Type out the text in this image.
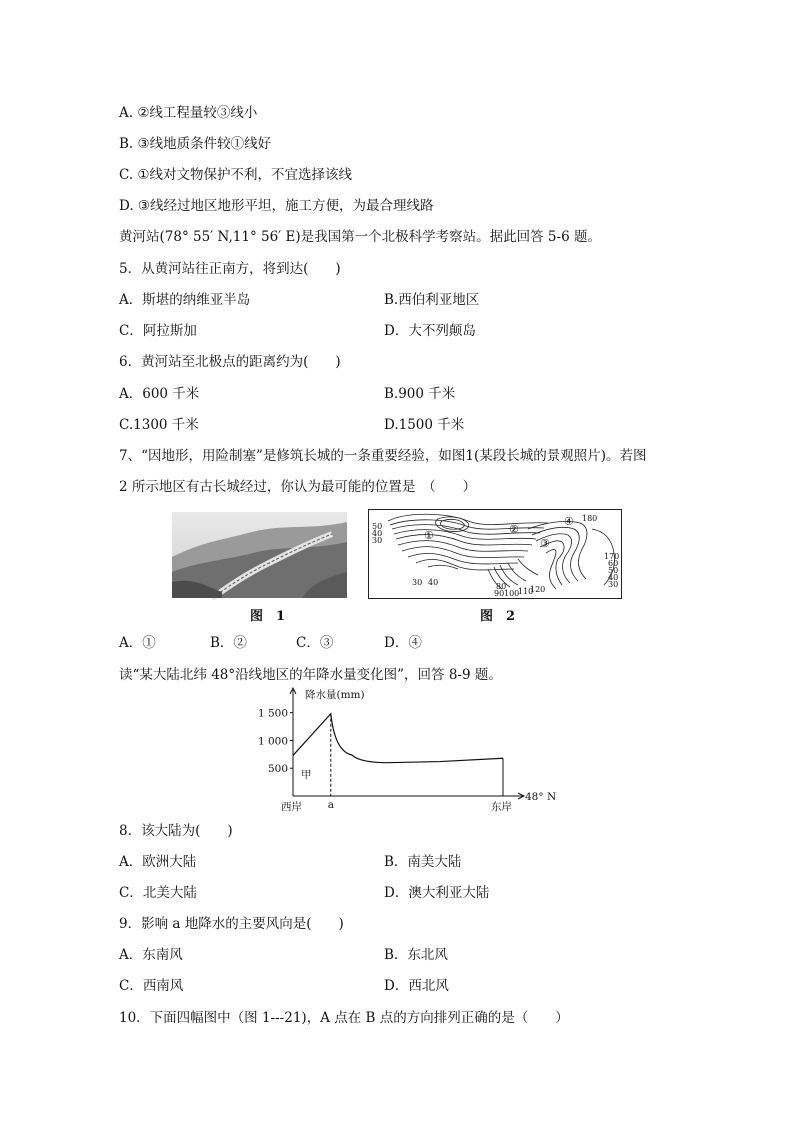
A. ②线工程量较③线小
B. ③线地质条件较①线好
C. ①线对文物保护不利，不宜选择该线
D. ③线经过地区地形平坦，施工方便，为最合理线路
黄河站(78° 55′ N,11° 56′ E)是我国第一个北极科学考察站。据此回答 5-6 题。
5．从黄河站往正南方，将到达(　　)
A．斯堪的纳维亚半岛	B.西伯利亚地区
C．阿拉斯加	D．大不列颠岛
6．黄河站至北极点的距离约为(　　)
A．600 千米	B.900 千米
C.1300 千米	D.1500 千米
7、“因地形，用险制塞”是修筑长城的一条重要经验，如图1(某段长城的景观照片)。若图
2 所示地区有古长城经过，你认为最可能的位置是　（　　）
图　1
50
40
30
30 40	80
90 100
110
120
180
170
60
50
40
30
①	②
③
④
图　2
A．①	B．②	C．③	D．④
读“某大陆北纬 48°沿线地区的年降水量变化图”，回答 8-9 题。
1 500
1 000
500
降水量(mm)
48° N
西岸 a	东岸
甲
8．该大陆为(　　)
A．欧洲大陆	B．南美大陆
C．北美大陆	D．澳大利亚大陆
9．影响 a 地降水的主要风向是(　　)
A．东南风	B．东北风
C．西南风	D．西北风
10．下面四幅图中（图 1---21)，A 点在 B 点的方向排列正确的是（　　）
